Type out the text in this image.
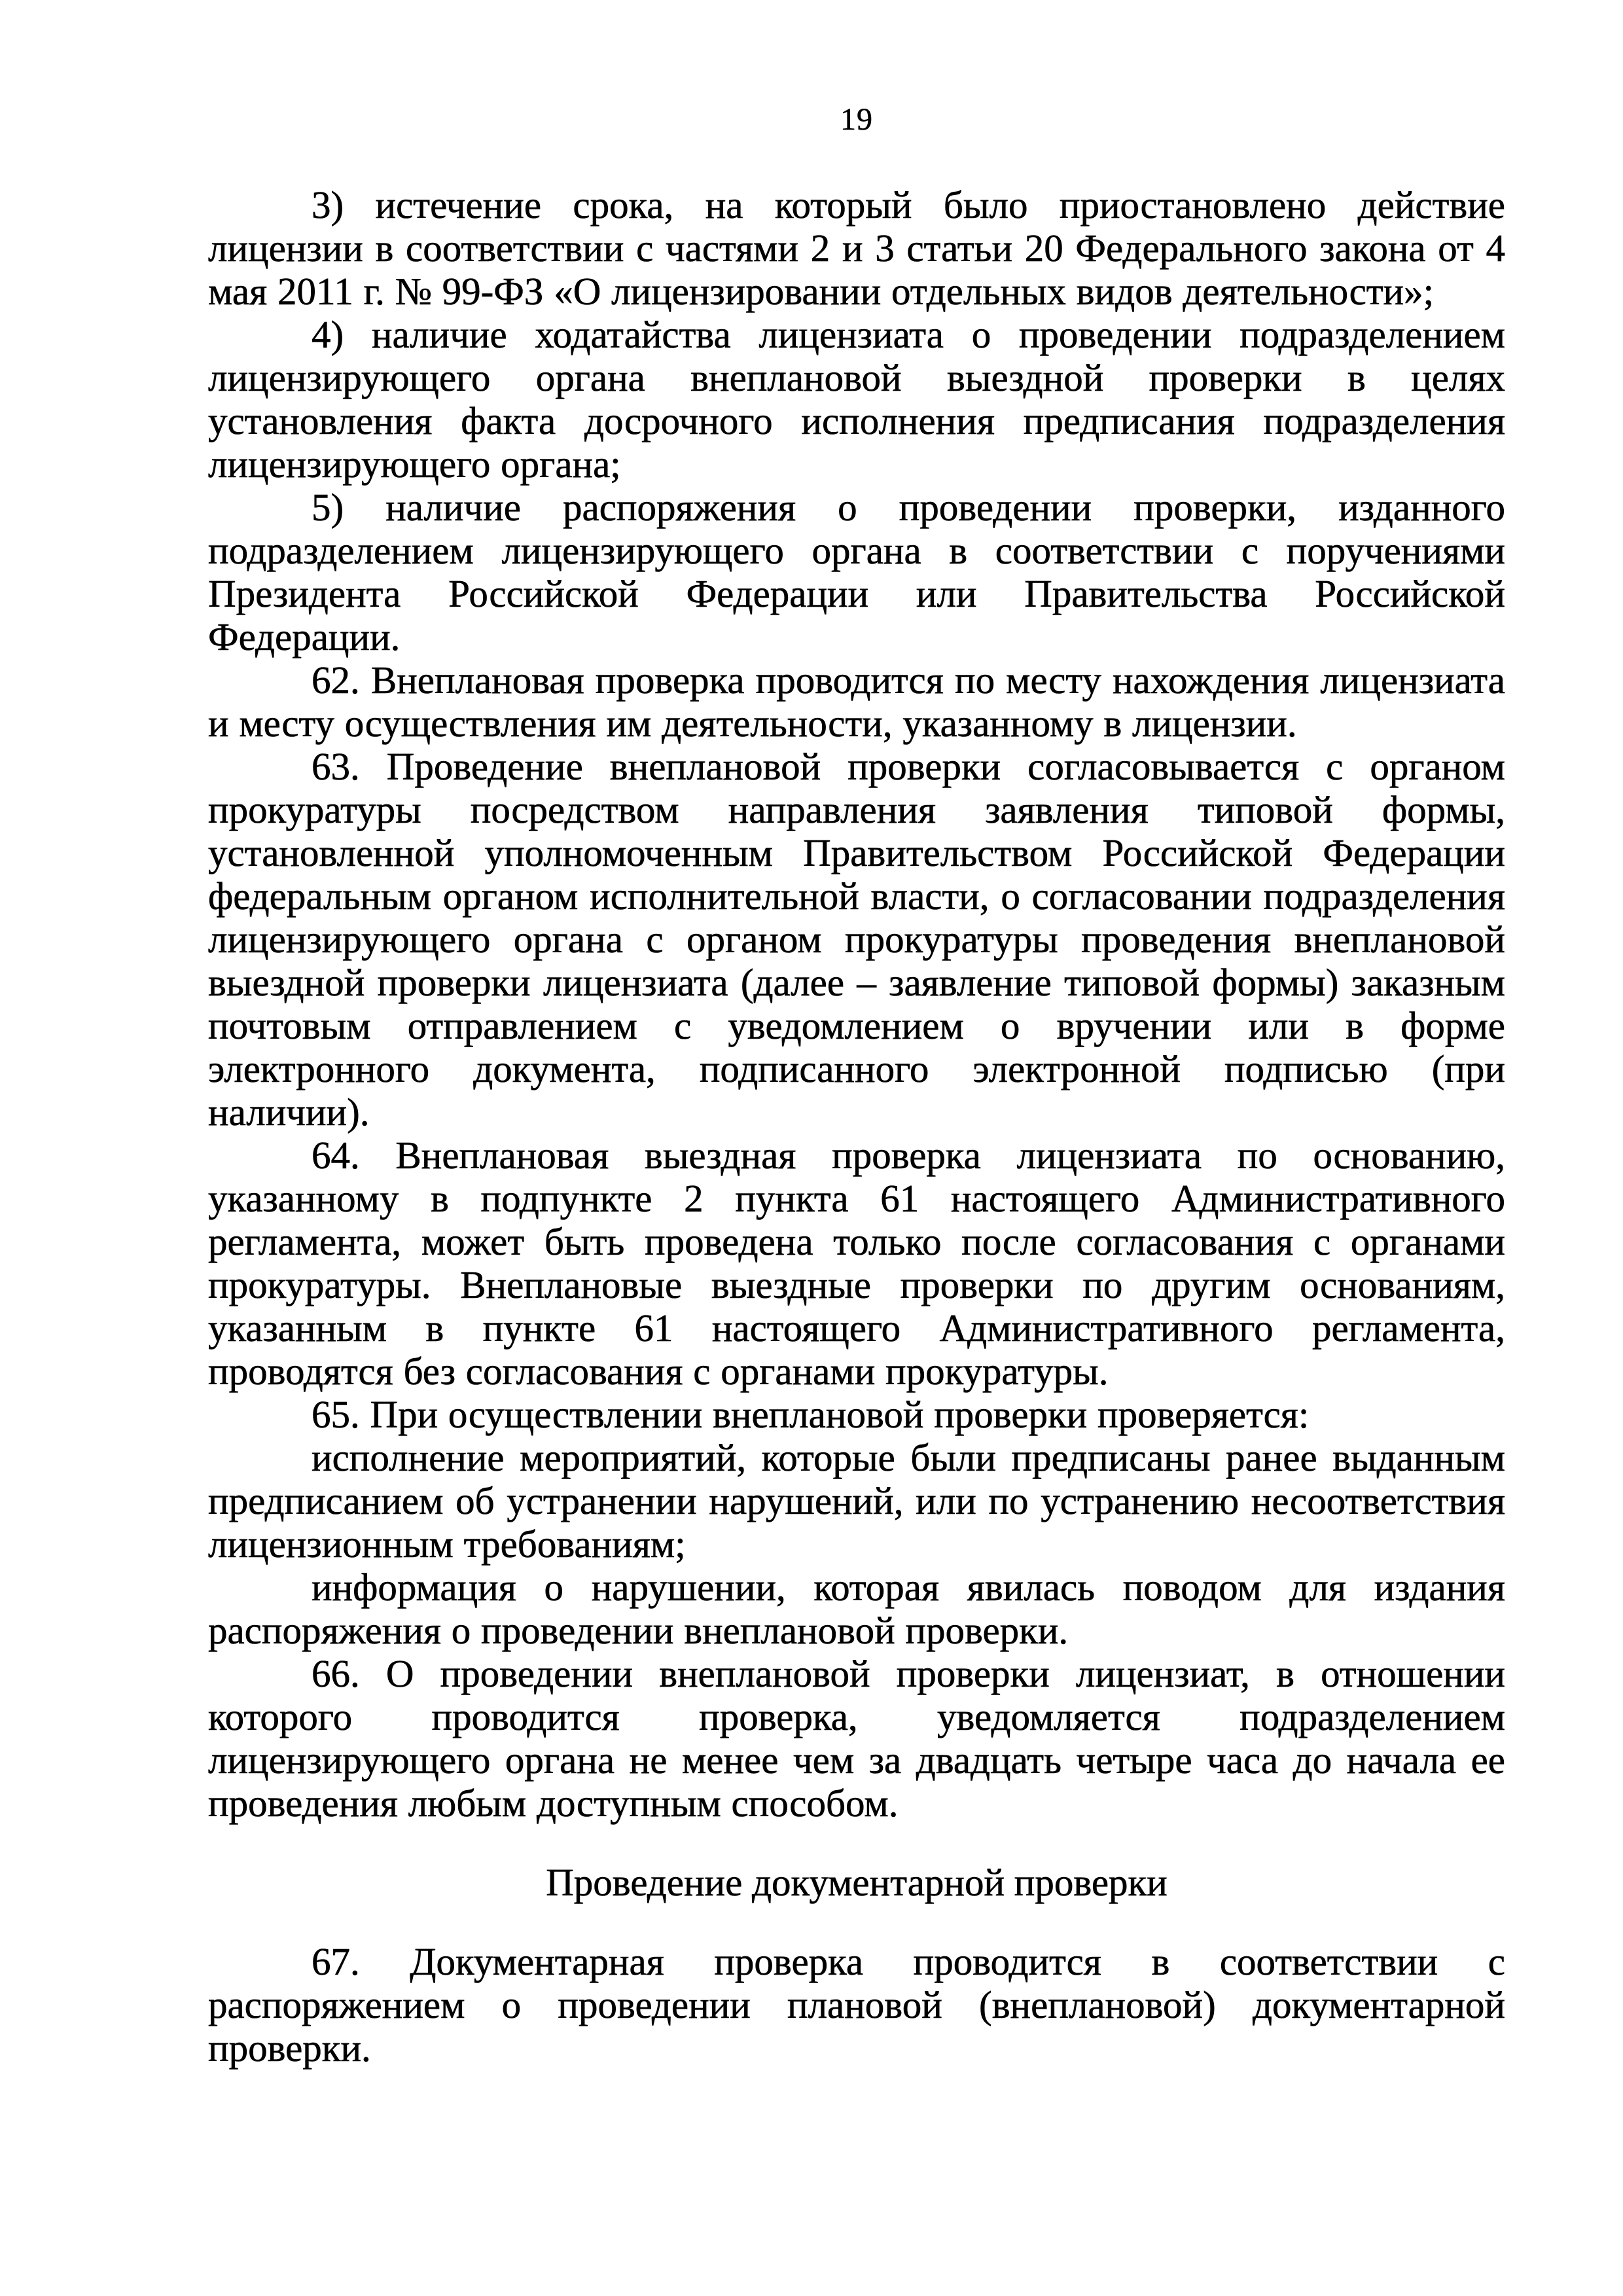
19

3) истечение срока, на который было приостановлено действие лицензии в соответствии с частями 2 и 3 статьи 20 Федерального закона от 4 мая 2011 г. № 99-ФЗ «О лицензировании отдельных видов деятельности»;

4) наличие ходатайства лицензиата о проведении подразделением лицензирующего органа внеплановой выездной проверки в целях установления факта досрочного исполнения предписания подразделения лицензирующего органа;

5) наличие распоряжения о проведении проверки, изданного подразделением лицензирующего органа в соответствии с поручениями Президента Российской Федерации или Правительства Российской Федерации.

62. Внеплановая проверка проводится по месту нахождения лицензиата и месту осуществления им деятельности, указанному в лицензии.

63. Проведение внеплановой проверки согласовывается с органом прокуратуры посредством направления заявления типовой формы, установленной уполномоченным Правительством Российской Федерации федеральным органом исполнительной власти, о согласовании подразделения лицензирующего органа с органом прокуратуры проведения внеплановой выездной проверки лицензиата (далее – заявление типовой формы) заказным почтовым отправлением с уведомлением о вручении или в форме электронного документа, подписанного электронной подписью (при наличии).

64. Внеплановая выездная проверка лицензиата по основанию, указанному в подпункте 2 пункта 61 настоящего Административного регламента, может быть проведена только после согласования с органами прокуратуры. Внеплановые выездные проверки по другим основаниям, указанным в пункте 61 настоящего Административного регламента, проводятся без согласования с органами прокуратуры.

65. При осуществлении внеплановой проверки проверяется:

исполнение мероприятий, которые были предписаны ранее выданным предписанием об устранении нарушений, или по устранению несоответствия лицензионным требованиям;

информация о нарушении, которая явилась поводом для издания распоряжения о проведении внеплановой проверки.

66. О проведении внеплановой проверки лицензиат, в отношении которого проводится проверка, уведомляется подразделением лицензирующего органа не менее чем за двадцать четыре часа до начала ее проведения любым доступным способом.

Проведение документарной проверки

67. Документарная проверка проводится в соответствии с распоряжением о проведении плановой (внеплановой) документарной проверки.
